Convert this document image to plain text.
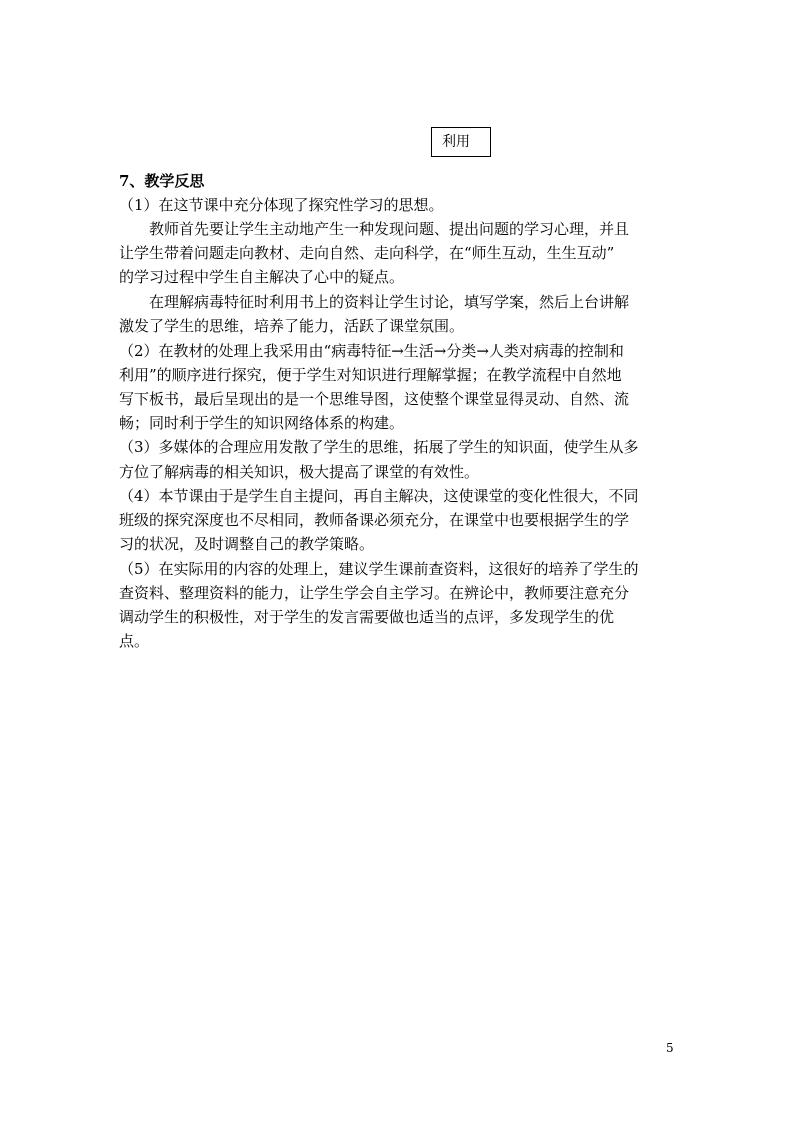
利用
7、教学反思
（1）在这节课中充分体现了探究性学习的思想。
教师首先要让学生主动地产生一种发现问题、提出问题的学习心理，并且
让学生带着问题走向教材、走向自然、走向科学，在“师生互动，生生互动”
的学习过程中学生自主解决了心中的疑点。
在理解病毒特征时利用书上的资料让学生讨论，填写学案，然后上台讲解
激发了学生的思维，培养了能力，活跃了课堂氛围。
（2）在教材的处理上我采用由“病毒特征→生活→分类→人类对病毒的控制和
利用”的顺序进行探究，便于学生对知识进行理解掌握；在教学流程中自然地
写下板书，最后呈现出的是一个思维导图，这使整个课堂显得灵动、自然、流
畅；同时利于学生的知识网络体系的构建。
（3）多媒体的合理应用发散了学生的思维，拓展了学生的知识面，使学生从多
方位了解病毒的相关知识，极大提高了课堂的有效性。
（4）本节课由于是学生自主提问，再自主解决，这使课堂的变化性很大，不同
班级的探究深度也不尽相同，教师备课必须充分，在课堂中也要根据学生的学
习的状况，及时调整自己的教学策略。
（5）在实际用的内容的处理上，建议学生课前查资料，这很好的培养了学生的
查资料、整理资料的能力，让学生学会自主学习。在辨论中，教师要注意充分
调动学生的积极性，对于学生的发言需要做也适当的点评，多发现学生的优
点。
5
